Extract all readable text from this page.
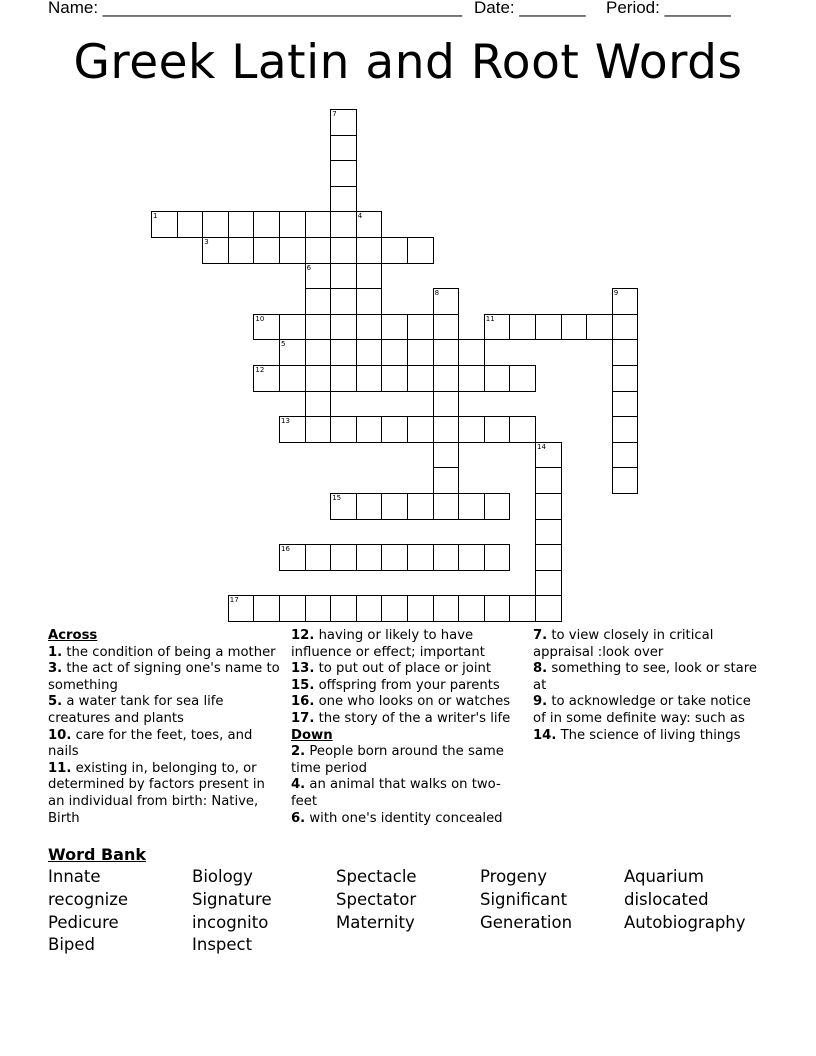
Name: ______________________________________ Date: _______ Period: _______
Greek Latin and Root Words
1	4
3
5
6
7
8	9
10	11
12
13
14
15
16
17
Across
1. the condition of being a mother
3. the act of signing one's name to something
5. a water tank for sea life creatures and plants
10. care for the feet, toes, and nails
11. existing in, belonging to, or determined by factors present in an individual from birth: Native, Birth
12. having or likely to have influence or effect; important
13. to put out of place or joint
15. offspring from your parents
16. one who looks on or watches
17. the story of the a writer's life
Down
2. People born around the same time period
4. an animal that walks on two-feet
6. with one's identity concealed
7. to view closely in critical appraisal :look over
8. something to see, look or stare at
9. to acknowledge or take notice of in some definite way: such as
14. The science of living things
Word Bank
Innate	Biology	Spectacle	Progeny	Aquarium
recognize	Signature	Spectator	Significant	dislocated
Pedicure	incognito	Maternity	Generation	Autobiography
Biped	Inspect
